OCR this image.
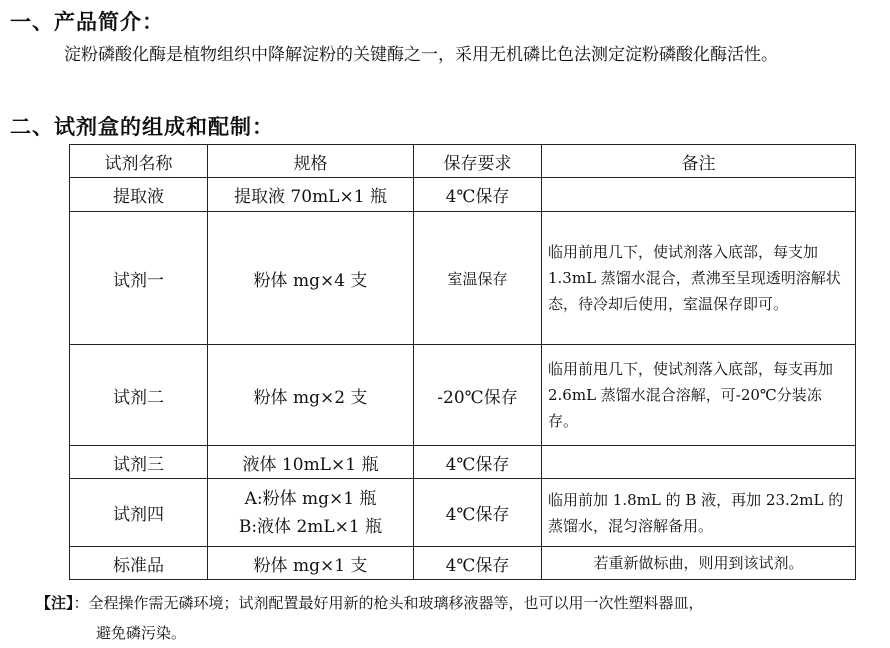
一、产品简介：
淀粉磷酸化酶是植物组织中降解淀粉的关键酶之一，采用无机磷比色法测定淀粉磷酸化酶活性。
二、试剂盒的组成和配制：
试剂名称	规格	保存要求	备注
提取液	提取液 70mL×1 瓶	4℃保存	
试剂一	粉体 mg×4 支	室温保存	临用前甩几下，使试剂落入底部，每支加 1.3mL 蒸馏水混合，煮沸至呈现透明溶解状态，待冷却后使用，室温保存即可。
试剂二	粉体 mg×2 支	-20℃保存	临用前甩几下，使试剂落入底部，每支再加 2.6mL 蒸馏水混合溶解，可-20℃分装冻存。
试剂三	液体 10mL×1 瓶	4℃保存	
试剂四	A:粉体 mg×1 瓶
B:液体 2mL×1 瓶	4℃保存	临用前加 1.8mL 的 B 液，再加 23.2mL 的蒸馏水，混匀溶解备用。
标准品	粉体 mg×1 支	4℃保存	若重新做标曲，则用到该试剂。
【注】：全程操作需无磷环境；试剂配置最好用新的枪头和玻璃移液器等，也可以用一次性塑料器皿，
避免磷污染。
